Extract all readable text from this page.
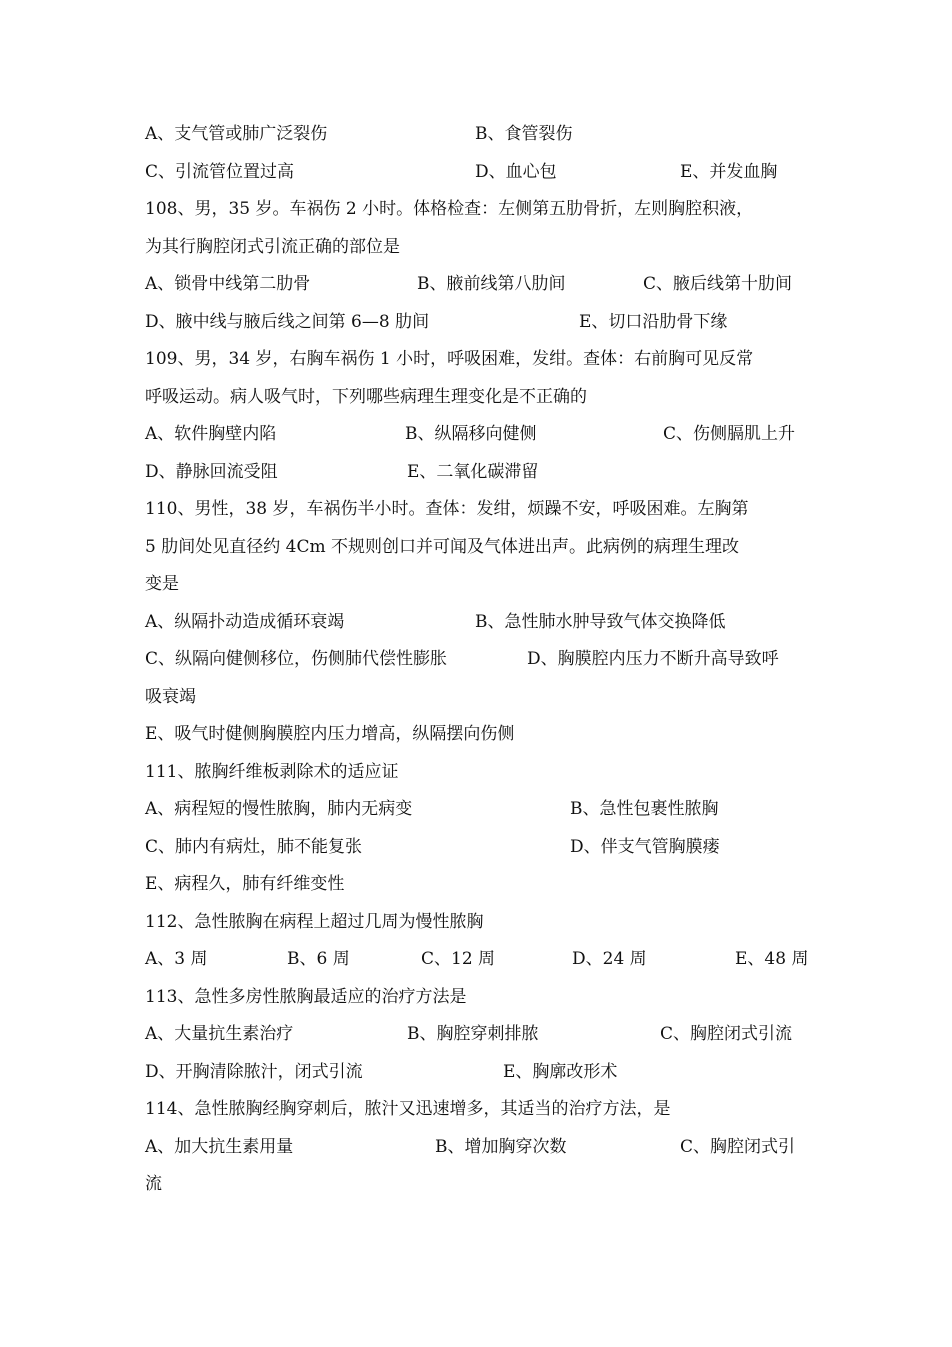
A、支气管或肺广泛裂伤	B、食管裂伤
C、引流管位置过高	D、血心包	E、并发血胸
108、男，35 岁。车祸伤 2 小时。体格检查：左侧第五肋骨折，左则胸腔积液，
为其行胸腔闭式引流正确的部位是
A、锁骨中线第二肋骨	B、腋前线第八肋间	C、腋后线第十肋间
D、腋中线与腋后线之间第 6—8 肋间	E、切口沿肋骨下缘
109、男，34 岁，右胸车祸伤 1 小时，呼吸困难，发绀。查体：右前胸可见反常
呼吸运动。病人吸气时，下列哪些病理生理变化是不正确的
A、软件胸壁内陷	B、纵隔移向健侧	C、伤侧膈肌上升
D、静脉回流受阻	E、二氧化碳滞留
110、男性，38 岁，车祸伤半小时。查体：发绀，烦躁不安，呼吸困难。左胸第
5 肋间处见直径约 4Cm 不规则创口并可闻及气体进出声。此病例的病理生理改
变是
A、纵隔扑动造成循环衰竭	B、急性肺水肿导致气体交换降低
C、纵隔向健侧移位，伤侧肺代偿性膨胀	D、胸膜腔内压力不断升高导致呼
吸衰竭
E、吸气时健侧胸膜腔内压力增高，纵隔摆向伤侧
111、脓胸纤维板剥除术的适应证
A、病程短的慢性脓胸，肺内无病变	B、急性包裹性脓胸
C、肺内有病灶，肺不能复张	D、伴支气管胸膜瘘
E、病程久，肺有纤维变性
112、急性脓胸在病程上超过几周为慢性脓胸
A、3 周	B、6 周	C、12 周	D、24 周	E、48 周
113、急性多房性脓胸最适应的治疗方法是
A、大量抗生素治疗	B、胸腔穿刺排脓	C、胸腔闭式引流
D、开胸清除脓汁，闭式引流	E、胸廓改形术
114、急性脓胸经胸穿刺后，脓汁又迅速增多，其适当的治疗方法，是
A、加大抗生素用量	B、增加胸穿次数	C、胸腔闭式引
流
